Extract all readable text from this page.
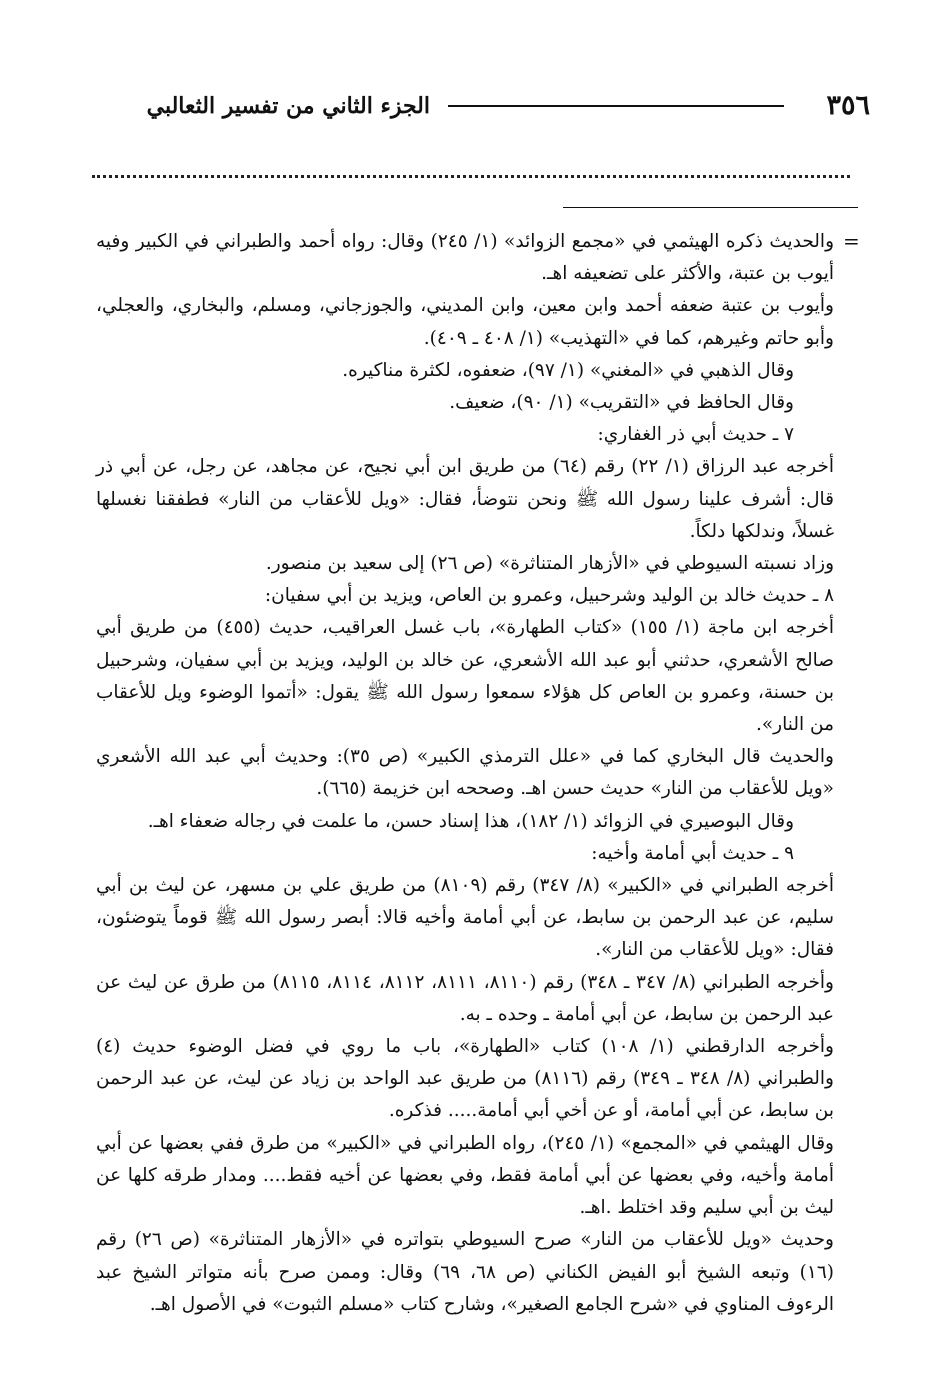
٣٥٦
الجزء الثاني من تفسير الثعالبي
=

والحديث ذكره الهيثمي في «مجمع الزوائد» (١/ ٢٤٥) وقال: رواه أحمد والطبراني في الكبير وفيه أيوب بن عتبة، والأكثر على تضعيفه اهـ.

وأيوب بن عتبة ضعفه أحمد وابن معين، وابن المديني، والجوزجاني، ومسلم، والبخاري، والعجلي، وأبو حاتم وغيرهم، كما في «التهذيب» (١/ ٤٠٨ ـ ٤٠٩).

وقال الذهبي في «المغني» (١/ ٩٧)، ضعفوه، لكثرة مناكيره.

وقال الحافظ في «التقريب» (١/ ٩٠)، ضعيف.

٧ ـ حديث أبي ذر الغفاري:

أخرجه عبد الرزاق (١/ ٢٢) رقم (٦٤) من طريق ابن أبي نجيح، عن مجاهد، عن رجل، عن أبي ذر قال: أشرف علينا رسول الله ﷺ ونحن نتوضأ، فقال: «ويل للأعقاب من النار» فطفقنا نغسلها غسلاً، وندلكها دلكاً.

وزاد نسبته السيوطي في «الأزهار المتناثرة» (ص ٢٦) إلى سعيد بن منصور.

٨ ـ حديث خالد بن الوليد وشرحبيل، وعمرو بن العاص، ويزيد بن أبي سفيان:

أخرجه ابن ماجة (١/ ١٥٥) «كتاب الطهارة»، باب غسل العراقيب، حديث (٤٥٥) من طريق أبي صالح الأشعري، حدثني أبو عبد الله الأشعري، عن خالد بن الوليد، ويزيد بن أبي سفيان، وشرحبيل بن حسنة، وعمرو بن العاص كل هؤلاء سمعوا رسول الله ﷺ يقول: «أتموا الوضوء ويل للأعقاب من النار».

والحديث قال البخاري كما في «علل الترمذي الكبير» (ص ٣٥): وحديث أبي عبد الله الأشعري «ويل للأعقاب من النار» حديث حسن اهـ. وصححه ابن خزيمة (٦٦٥).

وقال البوصيري في الزوائد (١/ ١٨٢)، هذا إسناد حسن، ما علمت في رجاله ضعفاء اهـ.

٩ ـ حديث أبي أمامة وأخيه:

أخرجه الطبراني في «الكبير» (٨/ ٣٤٧) رقم (٨١٠٩) من طريق علي بن مسهر، عن ليث بن أبي سليم، عن عبد الرحمن بن سابط، عن أبي أمامة وأخيه قالا: أبصر رسول الله ﷺ قوماً يتوضئون، فقال: «ويل للأعقاب من النار».

وأخرجه الطبراني (٨/ ٣٤٧ ـ ٣٤٨) رقم (٨١١٠، ٨١١١، ٨١١٢، ٨١١٤، ٨١١٥) من طرق عن ليث عن عبد الرحمن بن سابط، عن أبي أمامة ـ وحده ـ به.

وأخرجه الدارقطني (١/ ١٠٨) كتاب «الطهارة»، باب ما روي في فضل الوضوء حديث (٤) والطبراني (٨/ ٣٤٨ ـ ٣٤٩) رقم (٨١١٦) من طريق عبد الواحد بن زياد عن ليث، عن عبد الرحمن بن سابط، عن أبي أمامة، أو عن أخي أبي أمامة..... فذكره.

وقال الهيثمي في «المجمع» (١/ ٢٤٥)، رواه الطبراني في «الكبير» من طرق ففي بعضها عن أبي أمامة وأخيه، وفي بعضها عن أبي أمامة فقط، وفي بعضها عن أخيه فقط.... ومدار طرقه كلها عن ليث بن أبي سليم وقد اختلط .اهـ.

وحديث «ويل للأعقاب من النار» صرح السيوطي بتواتره في «الأزهار المتناثرة» (ص ٢٦) رقم (١٦) وتبعه الشيخ أبو الفيض الكناني (ص ٦٨، ٦٩) وقال: وممن صرح بأنه متواتر الشيخ عبد الرءوف المناوي في «شرح الجامع الصغير»، وشارح كتاب «مسلم الثبوت» في الأصول اهـ.
